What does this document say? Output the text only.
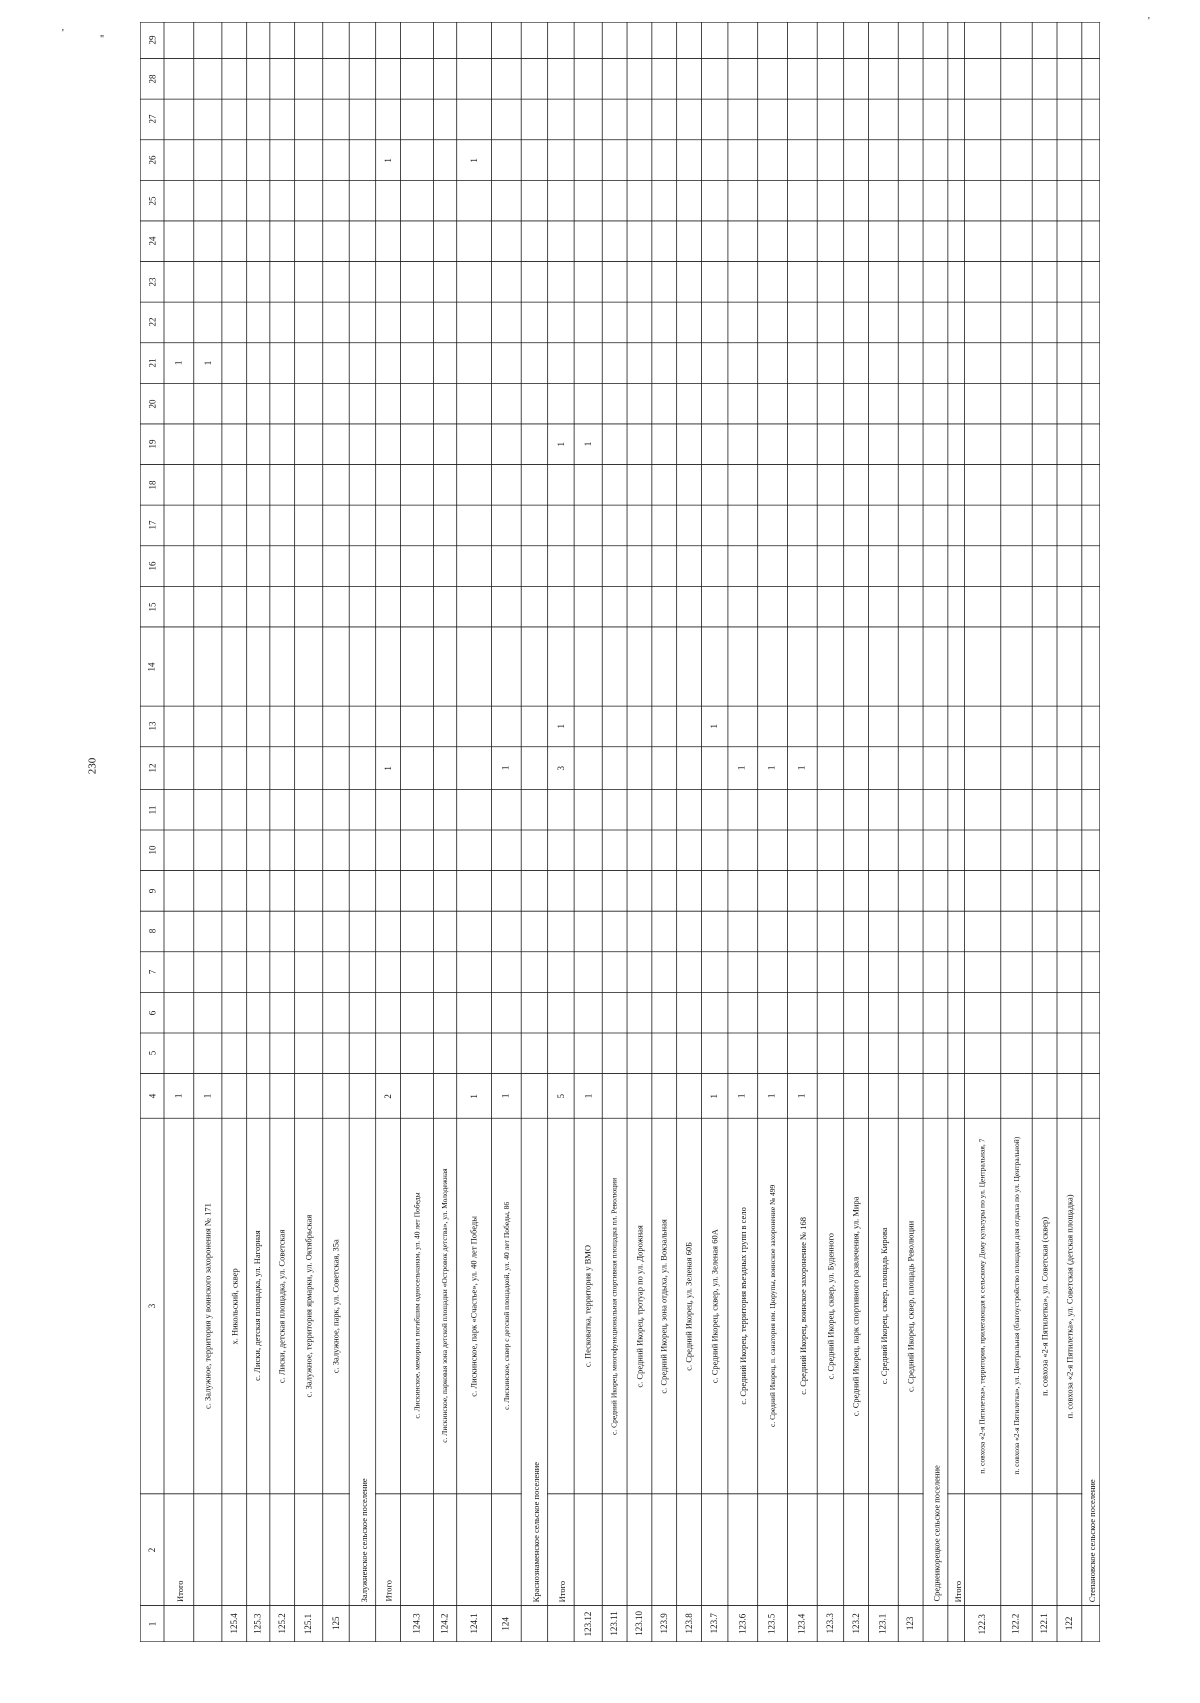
230
'
"
'
1
2
3
4
5
6
7
8
9
10
11
12
13
14
15
16
17
18
19
20
21
22
23
24
25
26
27
28
29
Степановское сельское поселение
122
п. совхоза «2-я Пятилетка», ул. Советская (детская площадка)
122.1
п. совхоза «2-я Пятилетка», ул. Советская (сквер)
122.2
п. совхоза «2-я Пятилетка», ул. Центральная (благоустройство площадки для отдыха по ул. Центральной)
122.3
п. совхоза «2-я Пятилетка», территория, прилегающая к сельскому Дому культуры по ул. Центральная, 7
Итого
Среднеикорецкое сельское поселение
123
с. Средний Икорец, сквер, площадь Революции
123.1
с. Средний Икорец, сквер, площадь Кирова
123.2
с. Средний Икорец, парк спортивного развлечения, ул. Мира
123.3
с. Средний Икорец, сквер, ул. Буденного
123.4
с. Средний Икорец, воинское захоронение № 168
1
1
123.5
с. Средний Икорец, п. санатория им. Цюрупы, воинское захоронение № 499
1
1
123.6
с. Средний Икорец, территория въездных групп в село
1
1
123.7
с. Средний Икорец, сквер, ул. Зеленая 60А
1
1
123.8
с. Средний Икорец, ул. Зеленая 60Б
123.9
с. Средний Икорец, зона отдыха, ул. Вокзальная
123.10
с. Средний Икорец, тротуар по ул. Дорожная
123.11
с. Средний Икорец, многофункциональная спортивная площадка пл. Революции
123.12
с. Песковатка, территория у ВМО
1
1
Итого
5
3
1
1
Краснознаменское сельское поселение
124
с. Лискинское, сквер с детской площадкой, ул. 40 лет Победы, 86
1
1
124.1
с. Лискинское, парк «Счастье», ул. 40 лет Победы
1
1
124.2
с. Лискинское, парковая зона детской площадки «Островок детства», ул. Молодежная
124.3
с. Лискинское, мемориал погибшим односельчанам, ул. 40 лет Победы
Итого
2
1
1
Залужненское сельское поселение
125
с. Залужное, парк, ул. Советская, 35а
125.1
с. Залужное, территория ярмарки, ул. Октябрьская
125.2
с. Лиски, детская площадка, ул. Советская
125.3
с. Лиски, детская площадка, ул. Нагорная
125.4
х. Никольский, сквер
с. Залужное, территория у воинского захоронения № 171
1
1
Итого
1
1
